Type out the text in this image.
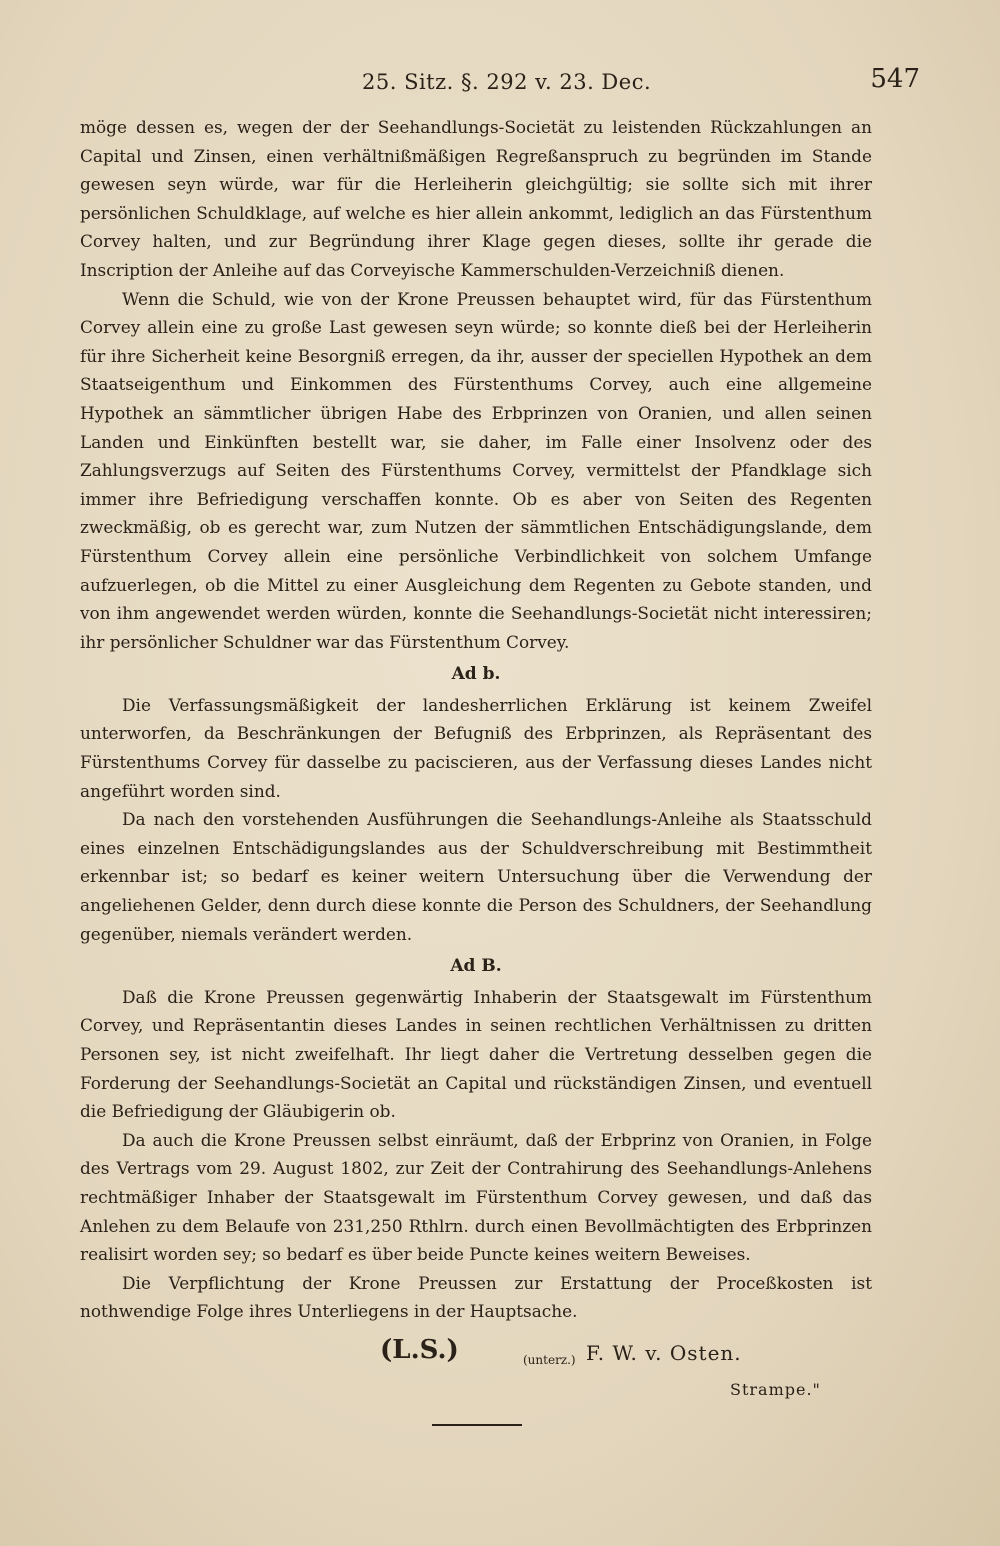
25. Sitz. §. 292 v. 23. Dec.	547

möge dessen es, wegen der der Seehandlungs-Societät zu leistenden Rückzahlungen an Capital und Zinsen, einen verhältnißmäßigen Regreßanspruch zu begründen im Stande gewesen seyn würde, war für die Herleiherin gleichgültig; sie sollte sich mit ihrer persönlichen Schuldklage, auf welche es hier allein ankommt, lediglich an das Fürstenthum Corvey halten, und zur Begründung ihrer Klage gegen dieses, sollte ihr gerade die Inscription der Anleihe auf das Corveyische Kammerschulden-Verzeichniß dienen.

Wenn die Schuld, wie von der Krone Preussen behauptet wird, für das Fürstenthum Corvey allein eine zu große Last gewesen seyn würde; so konnte dieß bei der Herleiherin für ihre Sicherheit keine Besorgniß erregen, da ihr, ausser der speciellen Hypothek an dem Staatseigenthum und Einkommen des Fürstenthums Corvey, auch eine allgemeine Hypothek an sämmtlicher übrigen Habe des Erbprinzen von Oranien, und allen seinen Landen und Einkünften bestellt war, sie daher, im Falle einer Insolvenz oder des Zahlungsverzugs auf Seiten des Fürstenthums Corvey, vermittelst der Pfandklage sich immer ihre Befriedigung verschaffen konnte. Ob es aber von Seiten des Regenten zweckmäßig, ob es gerecht war, zum Nutzen der sämmtlichen Entschädigungslande, dem Fürstenthum Corvey allein eine persönliche Verbindlichkeit von solchem Umfange aufzuerlegen, ob die Mittel zu einer Ausgleichung dem Regenten zu Gebote standen, und von ihm angewendet werden würden, konnte die Seehandlungs-Societät nicht interessiren; ihr persönlicher Schuldner war das Fürstenthum Corvey.

Ad b.

Die Verfassungsmäßigkeit der landesherrlichen Erklärung ist keinem Zweifel unterworfen, da Beschränkungen der Befugniß des Erbprinzen, als Repräsentant des Fürstenthums Corvey für dasselbe zu paciscieren, aus der Verfassung dieses Landes nicht angeführt worden sind.

Da nach den vorstehenden Ausführungen die Seehandlungs-Anleihe als Staatsschuld eines einzelnen Entschädigungslandes aus der Schuldverschreibung mit Bestimmtheit erkennbar ist; so bedarf es keiner weitern Untersuchung über die Verwendung der angeliehenen Gelder, denn durch diese konnte die Person des Schuldners, der Seehandlung gegenüber, niemals verändert werden.

Ad B.

Daß die Krone Preussen gegenwärtig Inhaberin der Staatsgewalt im Fürstenthum Corvey, und Repräsentantin dieses Landes in seinen rechtlichen Verhältnissen zu dritten Personen sey, ist nicht zweifelhaft. Ihr liegt daher die Vertretung desselben gegen die Forderung der Seehandlungs-Societät an Capital und rückständigen Zinsen, und eventuell die Befriedigung der Gläubigerin ob.

Da auch die Krone Preussen selbst einräumt, daß der Erbprinz von Oranien, in Folge des Vertrags vom 29. August 1802, zur Zeit der Contrahirung des Seehandlungs-Anlehens rechtmäßiger Inhaber der Staatsgewalt im Fürstenthum Corvey gewesen, und daß das Anlehen zu dem Belaufe von 231,250 Rthlrn. durch einen Bevollmächtigten des Erbprinzen realisirt worden sey; so bedarf es über beide Puncte keines weitern Beweises.

Die Verpflichtung der Krone Preussen zur Erstattung der Proceßkosten ist nothwendige Folge ihres Unterliegens in der Hauptsache.

(L.S.)	(unterz.) F. W. v. Osten.
Strampe."
